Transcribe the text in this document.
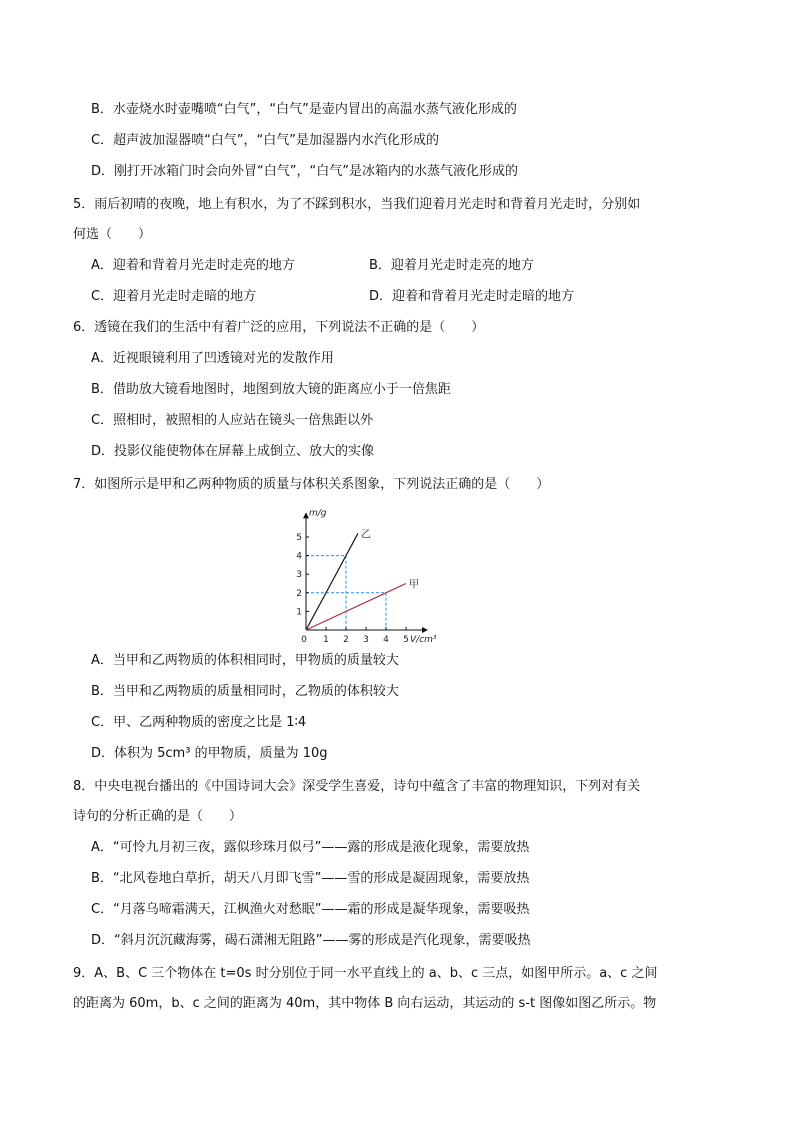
B．水壶烧水时壶嘴喷“白气”，“白气”是壶内冒出的高温水蒸气液化形成的
C．超声波加湿器喷“白气”，“白气”是加湿器内水汽化形成的
D．刚打开冰箱门时会向外冒“白气”，“白气”是冰箱内的水蒸气液化形成的
5．雨后初晴的夜晚，地上有积水，为了不踩到积水，当我们迎着月光走时和背着月光走时，分别如
何选（　　）
A．迎着和背着月光走时走亮的地方	B．迎着月光走时走亮的地方
C．迎着月光走时走暗的地方	D．迎着和背着月光走时走暗的地方
6．透镜在我们的生活中有着广泛的应用，下列说法不正确的是（　　）
A．近视眼镜利用了凹透镜对光的发散作用
B．借助放大镜看地图时，地图到放大镜的距离应小于一倍焦距
C．照相时，被照相的人应站在镜头一倍焦距以外
D．投影仪能使物体在屏幕上成倒立、放大的实像
7．如图所示是甲和乙两种物质的质量与体积关系图象，下列说法正确的是（　　）
0 1 2 3 4 5
1
2
3
4
5
V/cm³
m/g
乙
甲
A．当甲和乙两物质的体积相同时，甲物质的质量较大
B．当甲和乙两物质的质量相同时，乙物质的体积较大
C．甲、乙两种物质的密度之比是 1∶4
D．体积为 5cm³ 的甲物质，质量为 10g
8．中央电视台播出的《中国诗词大会》深受学生喜爱，诗句中蕴含了丰富的物理知识，下列对有关
诗句的分析正确的是（　　）
A．“可怜九月初三夜，露似珍珠月似弓”——露的形成是液化现象，需要放热
B．“北风卷地白草折，胡天八月即飞雪”——雪的形成是凝固现象，需要放热
C．“月落乌啼霜满天，江枫渔火对愁眠”——霜的形成是凝华现象，需要吸热
D．“斜月沉沉藏海雾，碣石潇湘无阻路”——雾的形成是汽化现象，需要吸热
9．A、B、C 三个物体在 t=0s 时分别位于同一水平直线上的 a、b、c 三点，如图甲所示。a、c 之间
的距离为 60m，b、c 之间的距离为 40m，其中物体 B 向右运动，其运动的 s-t 图像如图乙所示。物
